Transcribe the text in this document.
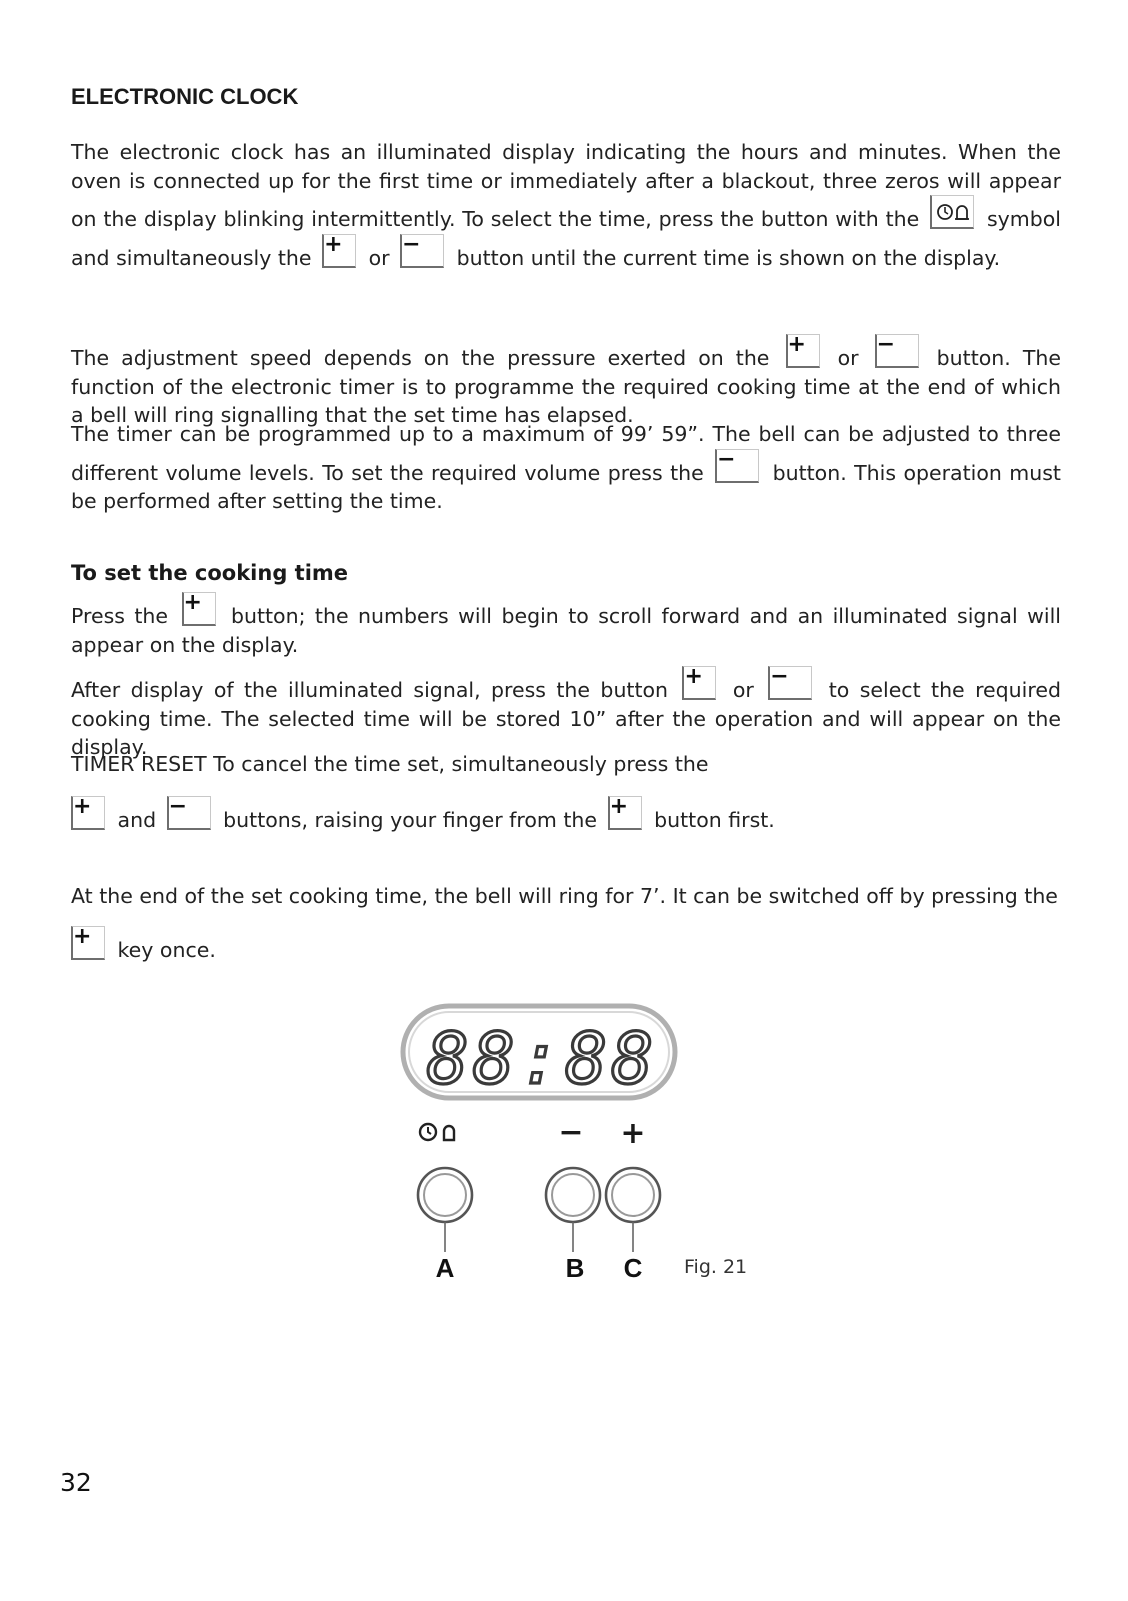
ELECTRONIC CLOCK

The electronic clock has an illuminated display indicating the hours and minutes. When the oven is connected up for the first time or immediately after a blackout, three zeros will appear on the display blinking intermittently. To select the time, press the button with the	symbol and simultaneously the
+
or
−
button until the current time is shown on the display.

The adjustment speed depends on the pressure exerted on the
+
or
−
button. The function of the electronic timer is to programme the required cooking time at the end of which a bell will ring signalling that the set time has elapsed.

The timer can be programmed up to a maximum of 99’ 59”. The bell can be adjusted to three different volume levels. To set the required volume press the
−
button. This operation must be performed after setting the time.

To set the cooking time

Press the
+
button; the numbers will begin to scroll forward and an illuminated signal will appear on the display.

After display of the illuminated signal, press the button
+
or
−
to select the required cooking time. The selected time will be stored 10” after the operation and will appear on the display.

TIMER RESET To cancel the time set, simultaneously press the

+
and
−
buttons, raising your finger from the
+
button first.

At the end of the set cooking time, the bell will ring for 7’. It can be switched off by pressing the

+
key once.

88:88
− +
A	B C Fig. 21

32
